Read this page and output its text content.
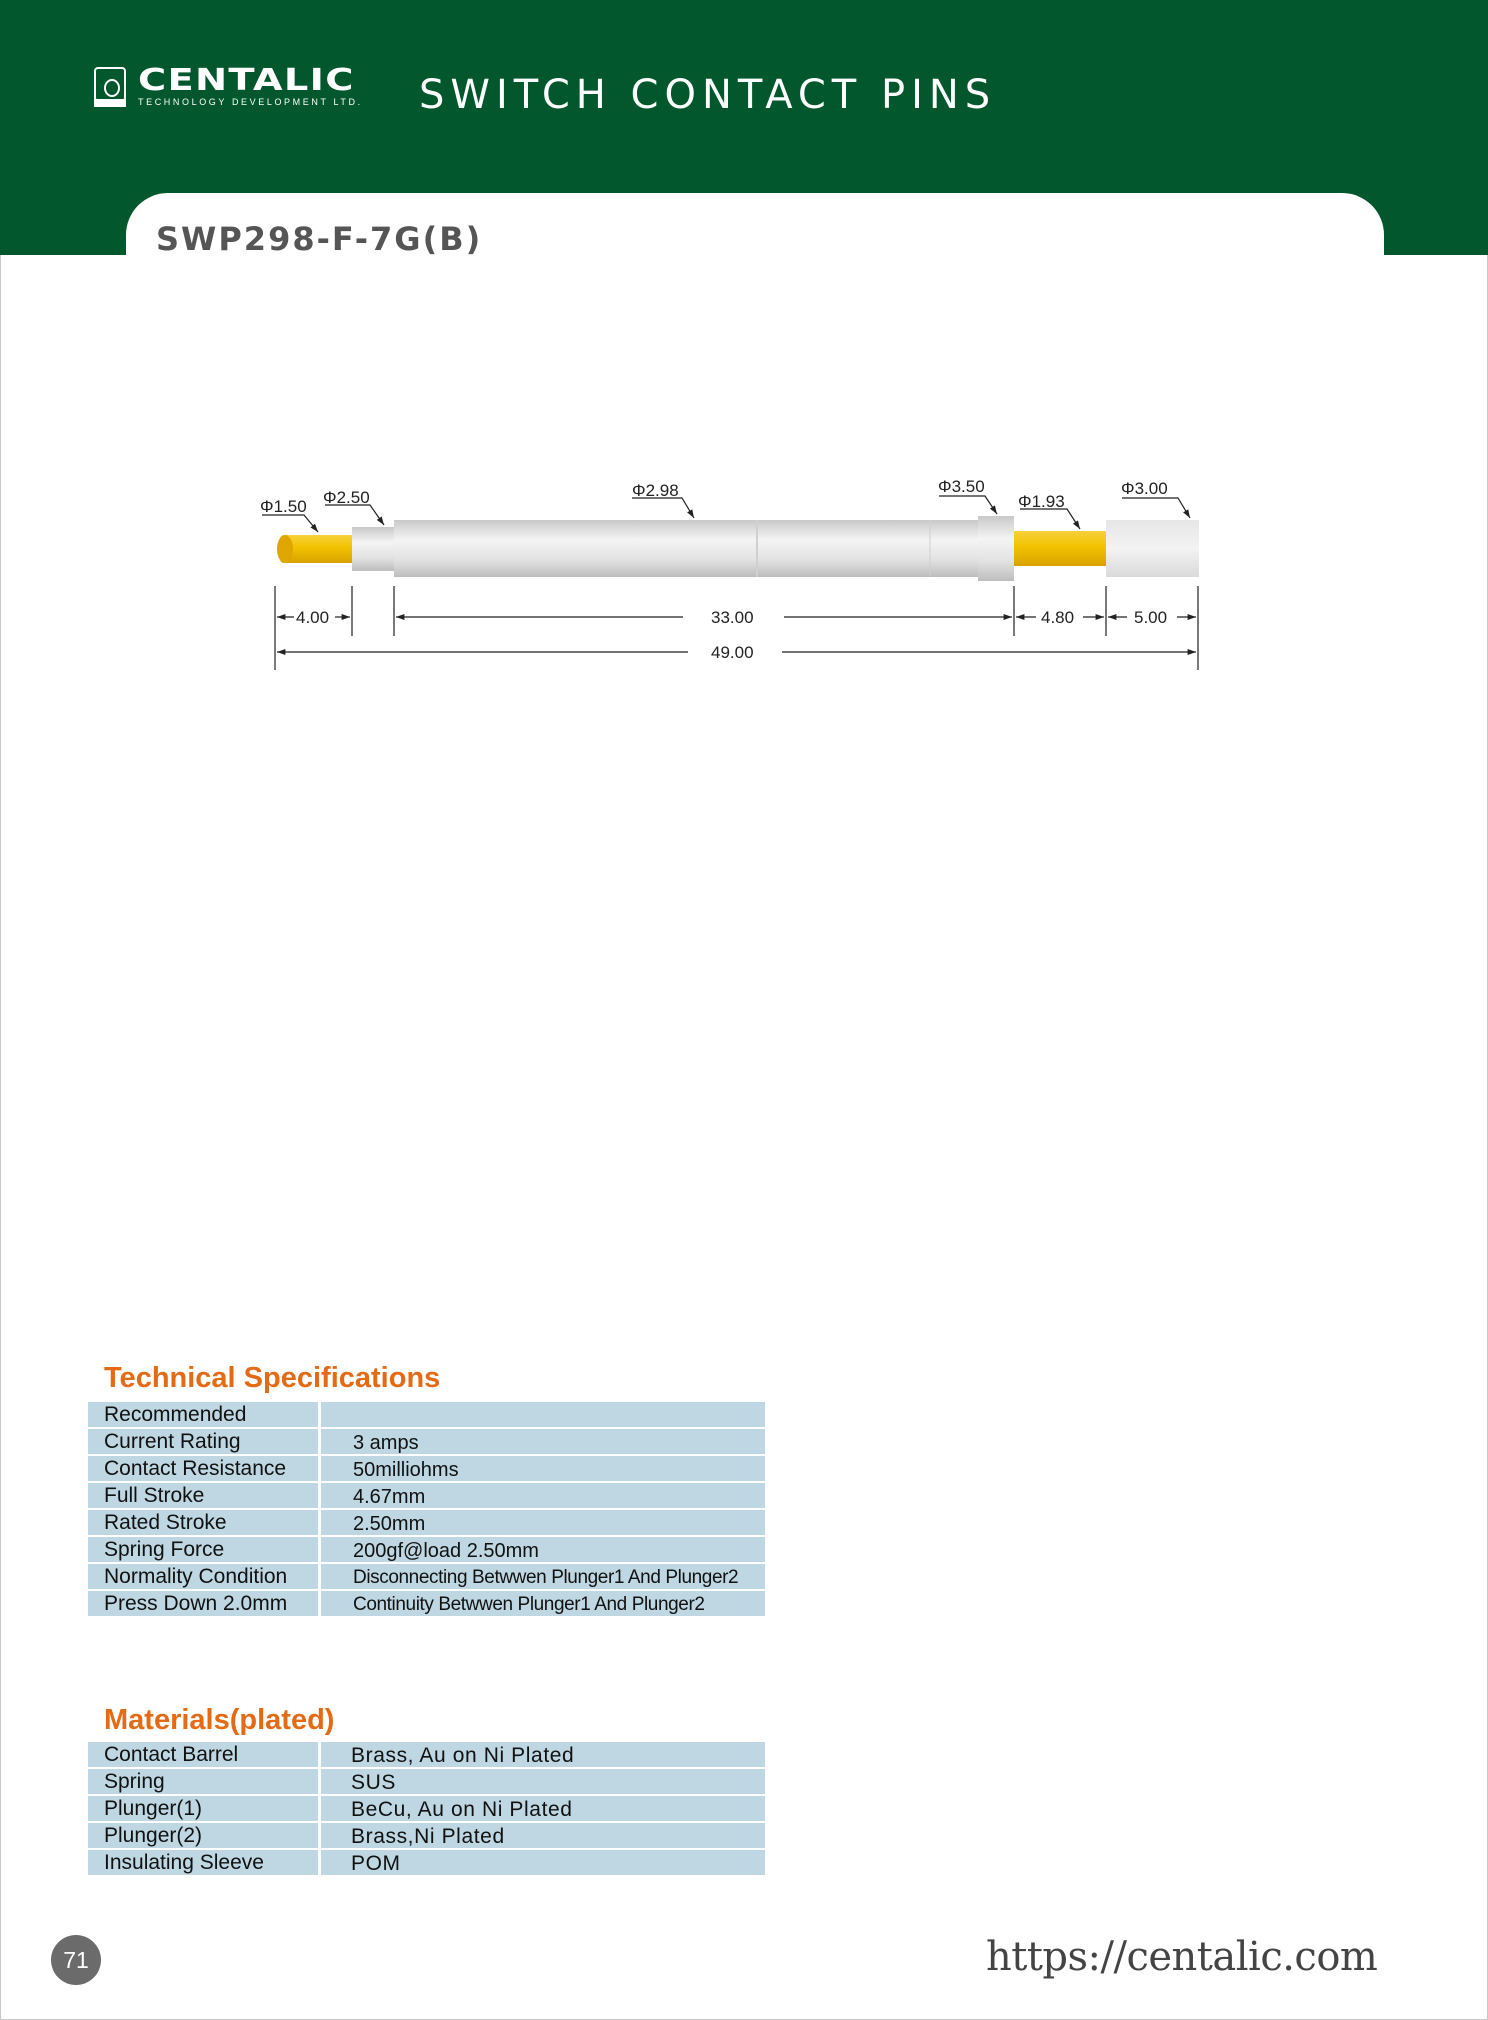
CENTALIC
TECHNOLOGY DEVELOPMENT LTD. SWITCH CONTACT PINS
SWP298-F-7G(B)
Φ1.50 Φ2.50	Φ2.98	Φ3.50
Φ1.93
Φ3.00
4.00	33.00	4.80	5.00
49.00
Technical Specifications
Recommended
Current Rating	3 amps
Contact Resistance	50milliohms
Full Stroke	4.67mm
Rated Stroke	2.50mm
Spring Force	200gf@load 2.50mm
Normality Condition	Disconnecting Betwwen Plunger1 And Plunger2
Press Down 2.0mm	Continuity Betwwen Plunger1 And Plunger2
Materials(plated)
Contact Barrel	Brass, Au on Ni Plated
Spring	SUS
Plunger(1)	BeCu, Au on Ni Plated
Plunger(2)	Brass,Ni Plated
Insulating Sleeve	POM
71	https://centalic.com
